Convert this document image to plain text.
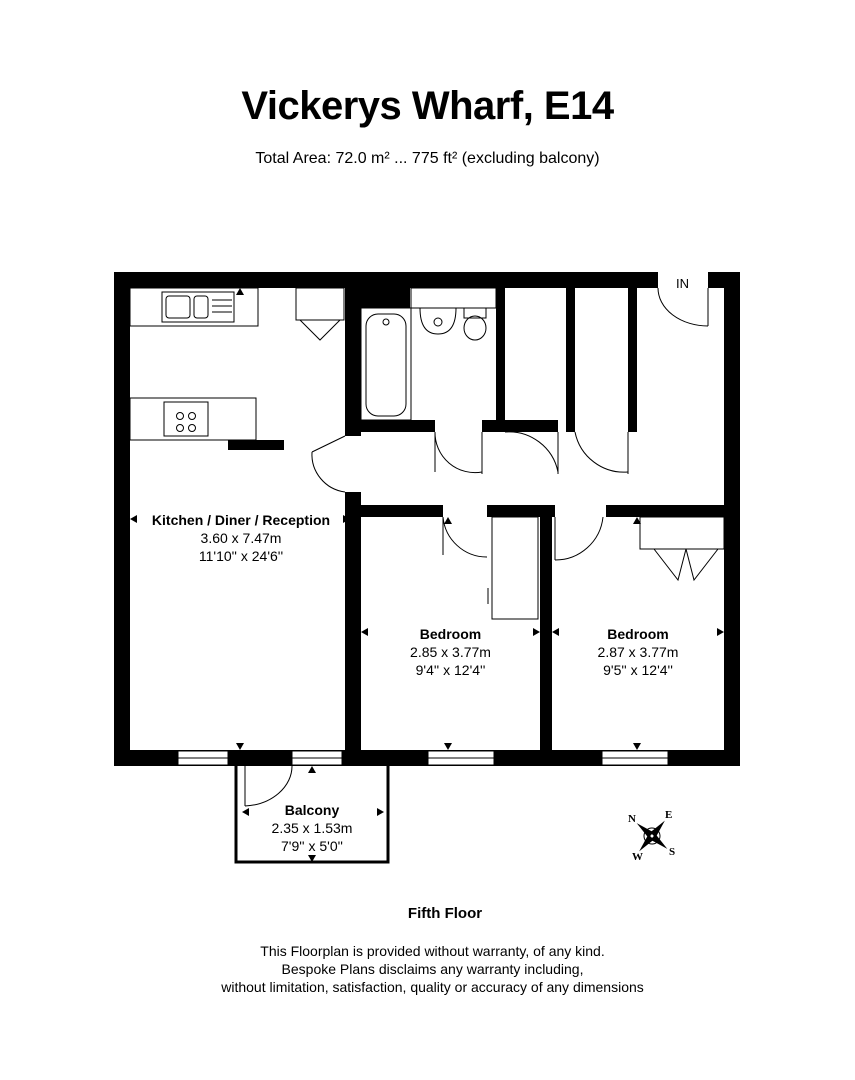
Vickerys Wharf, E14
Total Area: 72.0 m² ... 775 ft² (excluding balcony)
IN
Kitchen / Diner / Reception
3.60 x 7.47m
11'10'' x 24'6''
Bedroom
2.85 x 3.77m
9'4'' x 12'4''
Bedroom
2.87 x 3.77m
9'5'' x 12'4''
Balcony
2.35 x 1.53m
7'9'' x 5'0''
N	E
S
W
Fifth Floor
This Floorplan is provided without warranty, of any kind.
Bespoke Plans disclaims any warranty including,
without limitation, satisfaction, quality or accuracy of any dimensions
